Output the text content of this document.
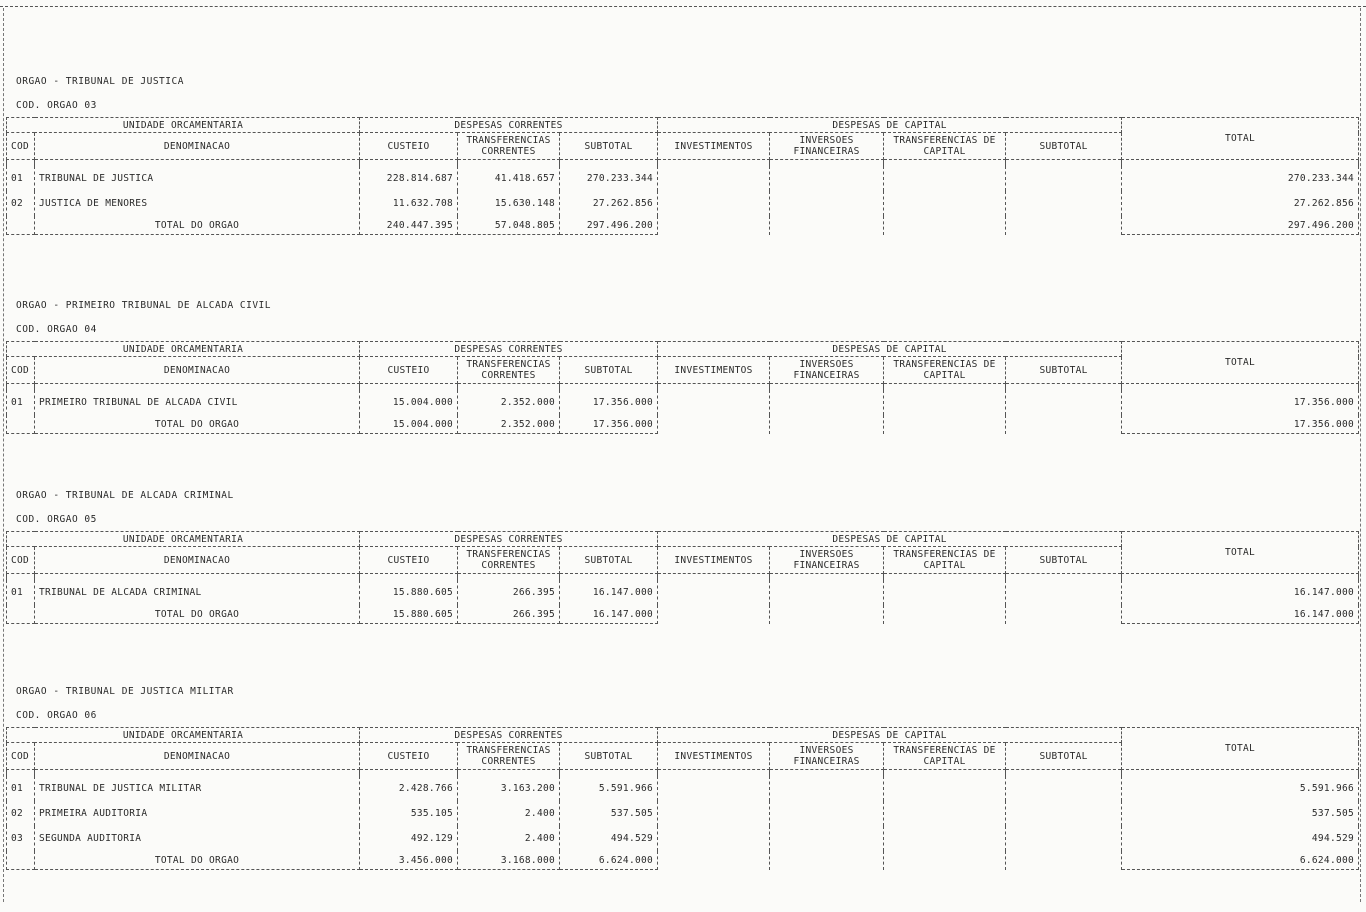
ORGAO - TRIBUNAL DE JUSTICA
COD. ORGAO 03
UNIDADE ORCAMENTARIA		DESPESAS CORRENTES			DESPESAS DE CAPITAL				TOTAL
COD	DENOMINACAO	CUSTEIO	TRANSFERENCIAS CORRENTES	SUBTOTAL	INVESTIMENTOS	INVERSOES FINANCEIRAS	TRANSFERENCIAS DE CAPITAL	SUBTOTAL	

01	TRIBUNAL DE JUSTICA	228.814.687	41.418.657	270.233.344					270.233.344
02	JUSTICA DE MENORES	11.632.708	15.630.148	27.262.856					27.262.856
	TOTAL DO ORGAO	240.447.395	57.048.805	297.496.200					297.496.200
ORGAO - PRIMEIRO TRIBUNAL DE ALCADA CIVIL
COD. ORGAO 04
UNIDADE ORCAMENTARIA		DESPESAS CORRENTES			DESPESAS DE CAPITAL				TOTAL
COD	DENOMINACAO	CUSTEIO	TRANSFERENCIAS CORRENTES	SUBTOTAL	INVESTIMENTOS	INVERSOES FINANCEIRAS	TRANSFERENCIAS DE CAPITAL	SUBTOTAL	

01	PRIMEIRO TRIBUNAL DE ALCADA CIVIL	15.004.000	2.352.000	17.356.000					17.356.000
	TOTAL DO ORGAO	15.004.000	2.352.000	17.356.000					17.356.000
ORGAO - TRIBUNAL DE ALCADA CRIMINAL
COD. ORGAO 05
UNIDADE ORCAMENTARIA		DESPESAS CORRENTES			DESPESAS DE CAPITAL				TOTAL
COD	DENOMINACAO	CUSTEIO	TRANSFERENCIAS CORRENTES	SUBTOTAL	INVESTIMENTOS	INVERSOES FINANCEIRAS	TRANSFERENCIAS DE CAPITAL	SUBTOTAL	

01	TRIBUNAL DE ALCADA CRIMINAL	15.880.605	266.395	16.147.000					16.147.000
	TOTAL DO ORGAO	15.880.605	266.395	16.147.000					16.147.000
ORGAO - TRIBUNAL DE JUSTICA MILITAR
COD. ORGAO 06
UNIDADE ORCAMENTARIA		DESPESAS CORRENTES			DESPESAS DE CAPITAL				TOTAL
COD	DENOMINACAO	CUSTEIO	TRANSFERENCIAS CORRENTES	SUBTOTAL	INVESTIMENTOS	INVERSOES FINANCEIRAS	TRANSFERENCIAS DE CAPITAL	SUBTOTAL	

01	TRIBUNAL DE JUSTICA MILITAR	2.428.766	3.163.200	5.591.966					5.591.966
02	PRIMEIRA AUDITORIA	535.105	2.400	537.505					537.505
03	SEGUNDA AUDITORIA	492.129	2.400	494.529					494.529
	TOTAL DO ORGAO	3.456.000	3.168.000	6.624.000					6.624.000
